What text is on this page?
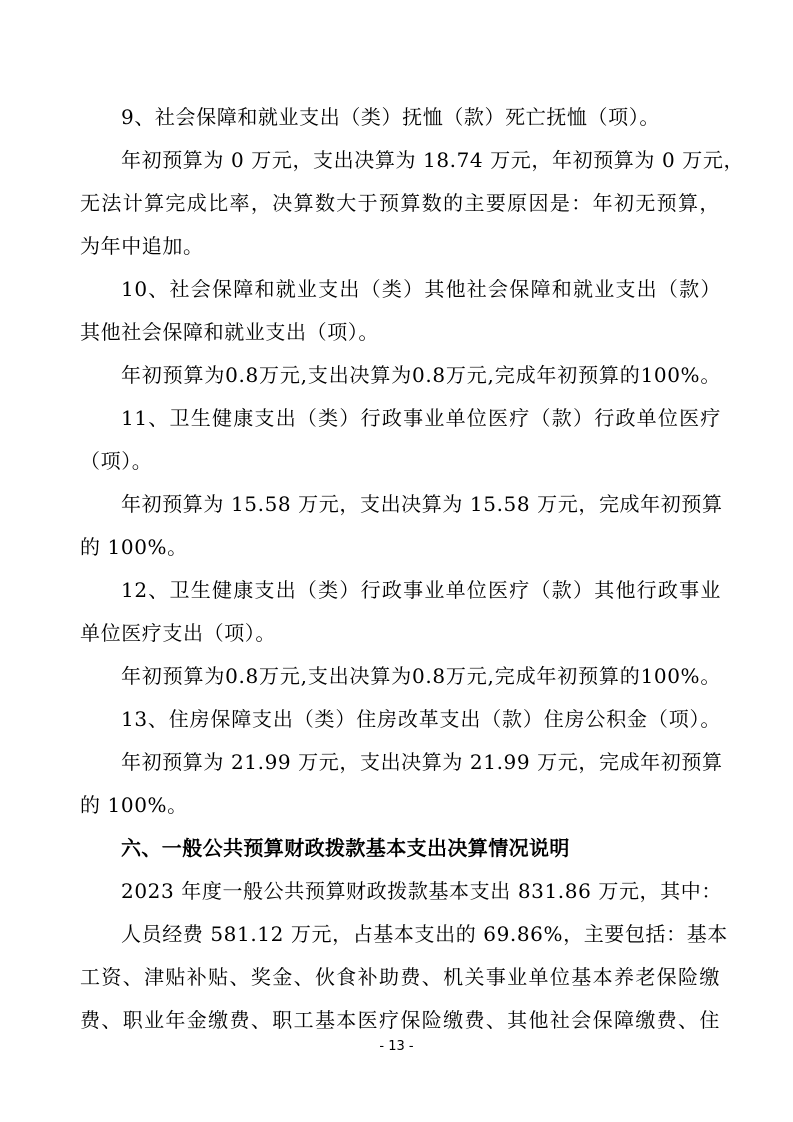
9、社会保障和就业支出（类）抚恤（款）死亡抚恤（项）。
年初预算为 0 万元，支出决算为 18.74 万元，年初预算为 0 万元，
无法计算完成比率，决算数大于预算数的主要原因是：年初无预算，
为年中追加。
10、社会保障和就业支出（类）其他社会保障和就业支出（款）
其他社会保障和就业支出（项）。
年初预算为0.8万元,支出决算为0.8万元,完成年初预算的100%。
11、卫生健康支出（类）行政事业单位医疗（款）行政单位医疗
（项）。
年初预算为 15.58 万元，支出决算为 15.58 万元，完成年初预算
的 100%。
12、卫生健康支出（类）行政事业单位医疗（款）其他行政事业
单位医疗支出（项）。
年初预算为0.8万元,支出决算为0.8万元,完成年初预算的100%。
13、住房保障支出（类）住房改革支出（款）住房公积金（项）。
年初预算为 21.99 万元，支出决算为 21.99 万元，完成年初预算
的 100%。
六、一般公共预算财政拨款基本支出决算情况说明
2023 年度一般公共预算财政拨款基本支出 831.86 万元，其中：
人员经费 581.12 万元，占基本支出的 69.86%，主要包括：基本
工资、津贴补贴、奖金、伙食补助费、机关事业单位基本养老保险缴
费、职业年金缴费、职工基本医疗保险缴费、其他社会保障缴费、住
- 13 -
